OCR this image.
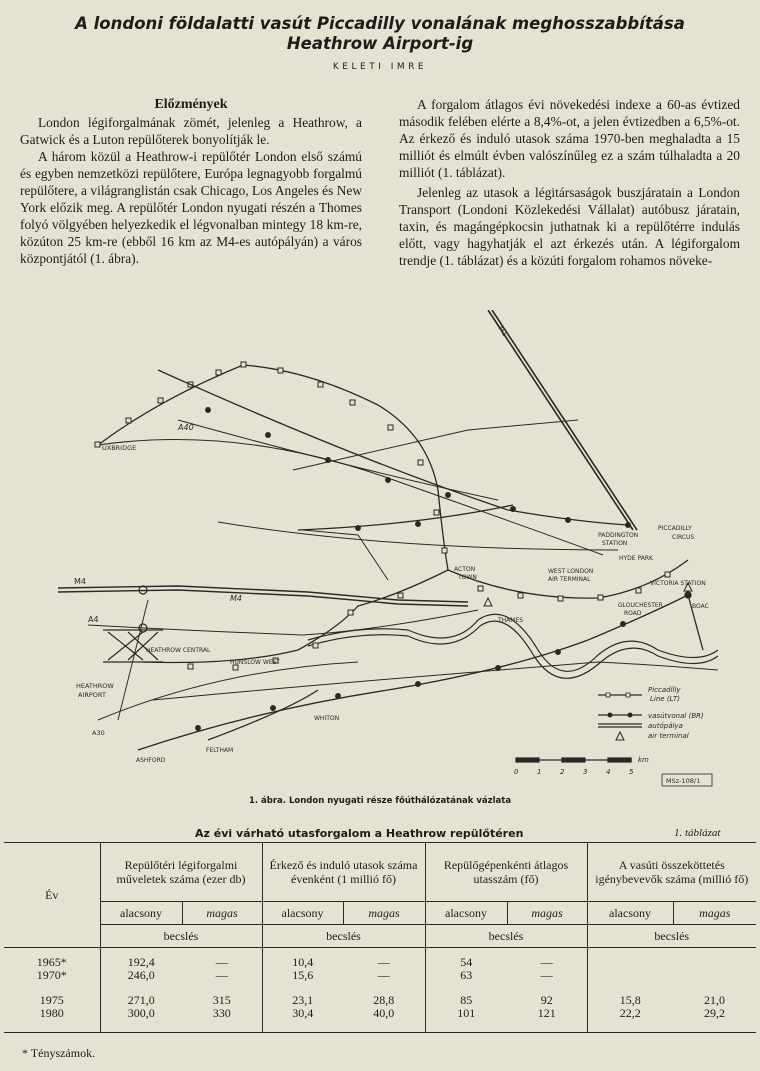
A londoni földalatti vasút Piccadilly vonalának meghosszabbítása
Heathrow Airport-ig
KELETI IMRE
Előzmények

London légiforgalmának zömét, jelenleg a Heathrow, a Gatwick és a Luton repülőterek bonyolítják le.

A három közül a Heathrow-i repülőtér London első számú és egyben nemzetközi repülőtere, Európa legnagyobb forgalmú repülőtere, a világranglistán csak Chicago, Los Angeles és New York előzik meg. A repülőtér London nyugati részén a Thomes folyó völgyében helyezkedik el légvonalban mintegy 18 km-re, közúton 25 km-re (ebből 16 km az M4-es autópályán) a város központjától (1. ábra).

A forgalom átlagos évi növekedési indexe a 60-as évtized második felében elérte a 8,4%-ot, a jelen évtizedben a 6,5%-ot. Az érkező és induló utasok száma 1970-ben meghaladta a 15 milliót és elmúlt évben valószínűleg ez a szám túlhaladta a 20 milliót (1. táblázat).

Jelenleg az utasok a légitársaságok buszjáratain a London Transport (Londoni Közlekedési Vállalat) autóbusz járatain, taxin, és magángépkocsin juthatnak ki a repülőtérre indulás előtt, vagy hagyhatják el azt érkezés után. A légiforgalom trendje (1. táblázat) és a közúti forgalom rohamos növeke-

M1
A40
UXBRIDGE
M4
M4
A4
HEATHROW CENTRAL
HEATHROW
AIRPORT
HUNSLOW WEST
WHITON
FELTHAM
ASHFORD
A30
THAMES
PADDINGTON
STATION
PICCADILLY
CIRCUS
HYDE PARK
ACTON
TOWN
WEST LONDON
AIR TERMINAL
VICTORIA STATION
GLOUCHESTER
ROAD
BOAC
Piccadilly
Line (LT)
vasútvonal (BR)
autópálya
air terminal
0	1	2	3	4	5
km
MSz-108/1
1. ábra. London nyugati része főúthálózatának vázlata
Az évi várható utasforgalom a Heathrow repülőtéren	1. táblázat
Év	Repülőtéri légiforgalmi műveletek száma (ezer db)		Érkező és induló utasok száma évenként (1 millió fő)		Repülőgépenkénti átlagos utasszám (fő)		A vasúti összeköttetés igénybevevők száma (millió fő)	
	alacsony	magas	alacsony	magas	alacsony	magas	alacsony	magas
	becslés		becslés		becslés		becslés	
1965*	192,4	—	10,4	—	54	—		
1970*	246,0	—	15,6	—	63	—		
1975	271,0	315	23,1	28,8	85	92	15,8	21,0
1980	300,0	330	30,4	40,0	101	121	22,2	29,2
* Tényszámok.
